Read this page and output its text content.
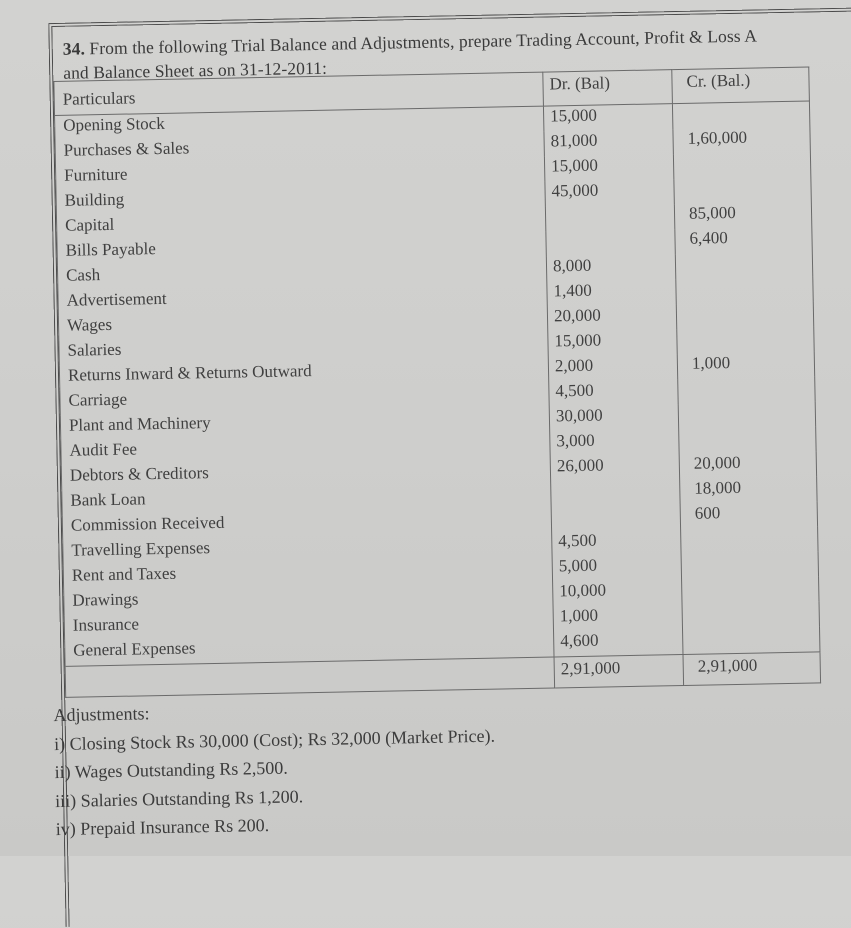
34. From the following Trial Balance and Adjustments, prepare Trading Account, Profit & Loss A
and Balance Sheet as on 31-12-2011:
Particulars	Dr. (Bal)	Cr. (Bal.)
Opening Stock	15,000	
Purchases & Sales	81,000	1,60,000
Furniture	15,000	
Building	45,000	
Capital		85,000
Bills Payable		6,400
Cash	8,000	
Advertisement	1,400	
Wages	20,000	
Salaries	15,000	
Returns Inward & Returns Outward	2,000	1,000
Carriage	4,500	
Plant and Machinery	30,000	
Audit Fee	3,000	
Debtors & Creditors	26,000	20,000
Bank Loan		18,000
Commission Received		600
Travelling Expenses	4,500	
Rent and Taxes	5,000	
Drawings	10,000	
Insurance	1,000	
General Expenses	4,600	
	2,91,000	2,91,000
Adjustments:
i) Closing Stock Rs 30,000 (Cost); Rs 32,000 (Market Price).
ii) Wages Outstanding Rs 2,500.
iii) Salaries Outstanding Rs 1,200.
iv) Prepaid Insurance Rs 200.
